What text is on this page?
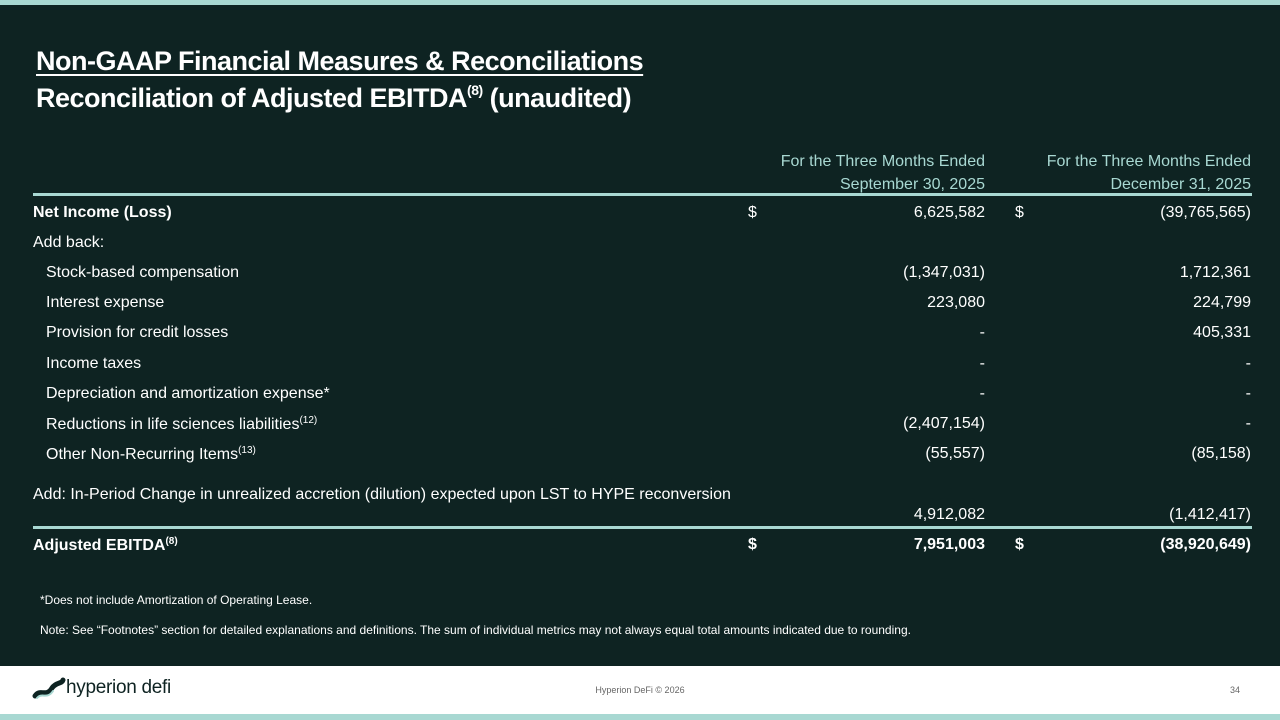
Non-GAAP Financial Measures & Reconciliations
Reconciliation of Adjusted EBITDA$^{(8)}$ (unaudited)
For the Three Months Ended
September 30, 2025
For the Three Months Ended
December 31, 2025
Net Income (Loss)	$	6,625,582 $	(39,765,565)
Add back:
Stock-based compensation	(1,347,031)	1,712,361
Interest expense	223,080	224,799
Provision for credit losses	-	405,331
Income taxes	-	-
Depreciation and amortization expense*	-	-
Reductions in life sciences liabilities$^{(12)}$	(2,407,154)	-
Other Non-Recurring Items$^{(13)}$	(55,557)	(85,158)
Add: In-Period Change in unrealized accretion (dilution) expected upon LST to HYPE reconversion
4,912,082	(1,412,417)
Adjusted EBITDA$^{(8)}$	$	7,951,003 $	(38,920,649)
*Does not include Amortization of Operating Lease.
Note: See “Footnotes” section for detailed explanations and definitions. The sum of individual metrics may not always equal total amounts indicated due to rounding.
hyperion defi	Hyperion DeFi © 2026	34
